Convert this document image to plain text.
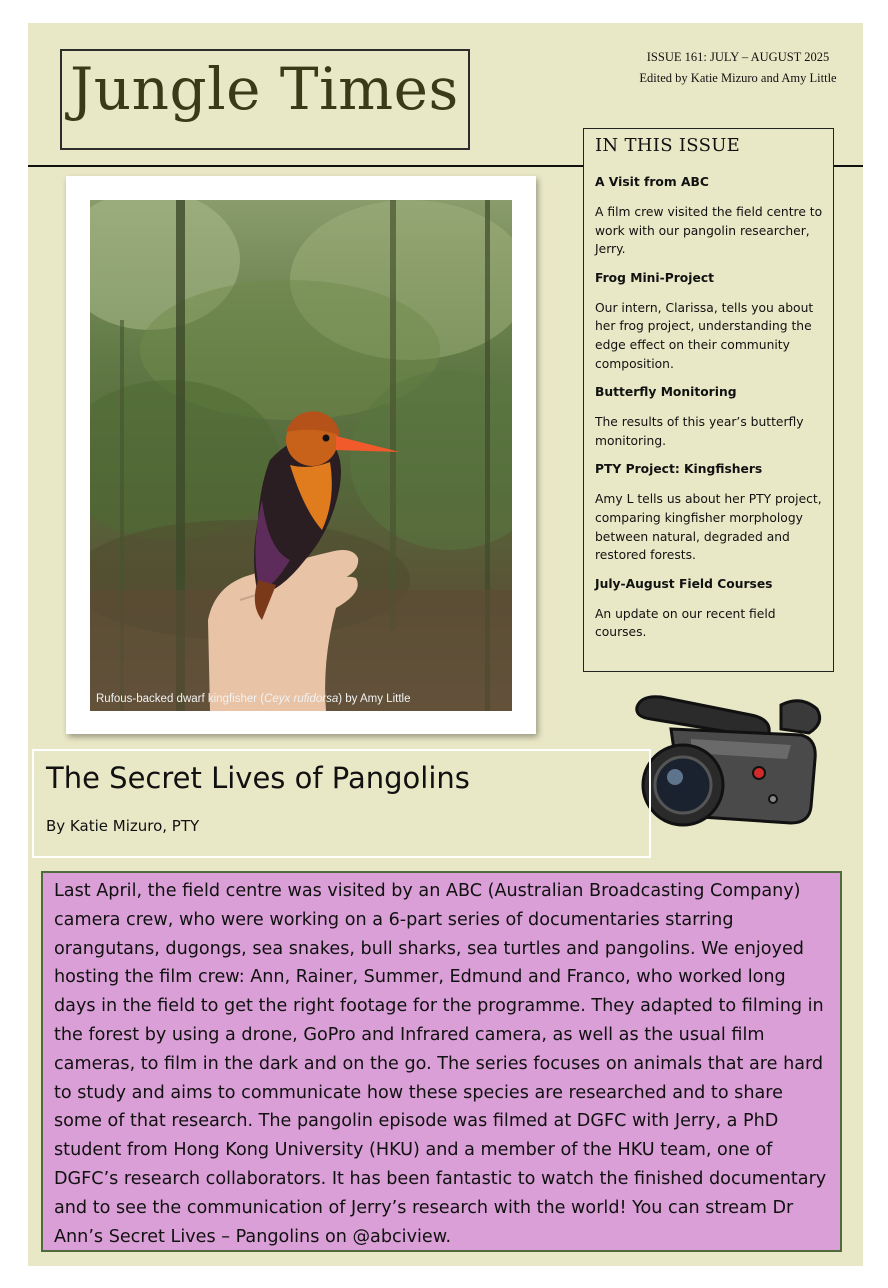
Jungle Times	ISSUE 161: JULY – AUGUST 2025
Edited by Katie Mizuro and Amy Little
Rufous-backed dwarf kingfisher (Ceyx rufidorsa) by Amy Little
IN THIS ISSUE
A Visit from ABC
A film crew visited the field centre to work with our pangolin researcher, Jerry.
Frog Mini-Project
Our intern, Clarissa, tells you about her frog project, understanding the edge effect on their community composition.
Butterfly Monitoring
The results of this year’s butterfly monitoring.
PTY Project: Kingfishers
Amy L tells us about her PTY project, comparing kingfisher morphology between natural, degraded and restored forests.
July-August Field Courses
An update on our recent field courses.
The Secret Lives of Pangolins
By Katie Mizuro, PTY
Last April, the field centre was visited by an ABC (Australian Broadcasting Company) camera crew, who were working on a 6-part series of documentaries starring orangutans, dugongs, sea snakes, bull sharks, sea turtles and pangolins. We enjoyed hosting the film crew: Ann, Rainer, Summer, Edmund and Franco, who worked long days in the field to get the right footage for the programme. They adapted to filming in the forest by using a drone, GoPro and Infrared camera, as well as the usual film cameras, to film in the dark and on the go. The series focuses on animals that are hard to study and aims to communicate how these species are researched and to share some of that research. The pangolin episode was filmed at DGFC with Jerry, a PhD student from Hong Kong University (HKU) and a member of the HKU team, one of DGFC’s research collaborators. It has been fantastic to watch the finished documentary and to see the communication of Jerry’s research with the world! You can stream Dr Ann’s Secret Lives – Pangolins on @abciview.
